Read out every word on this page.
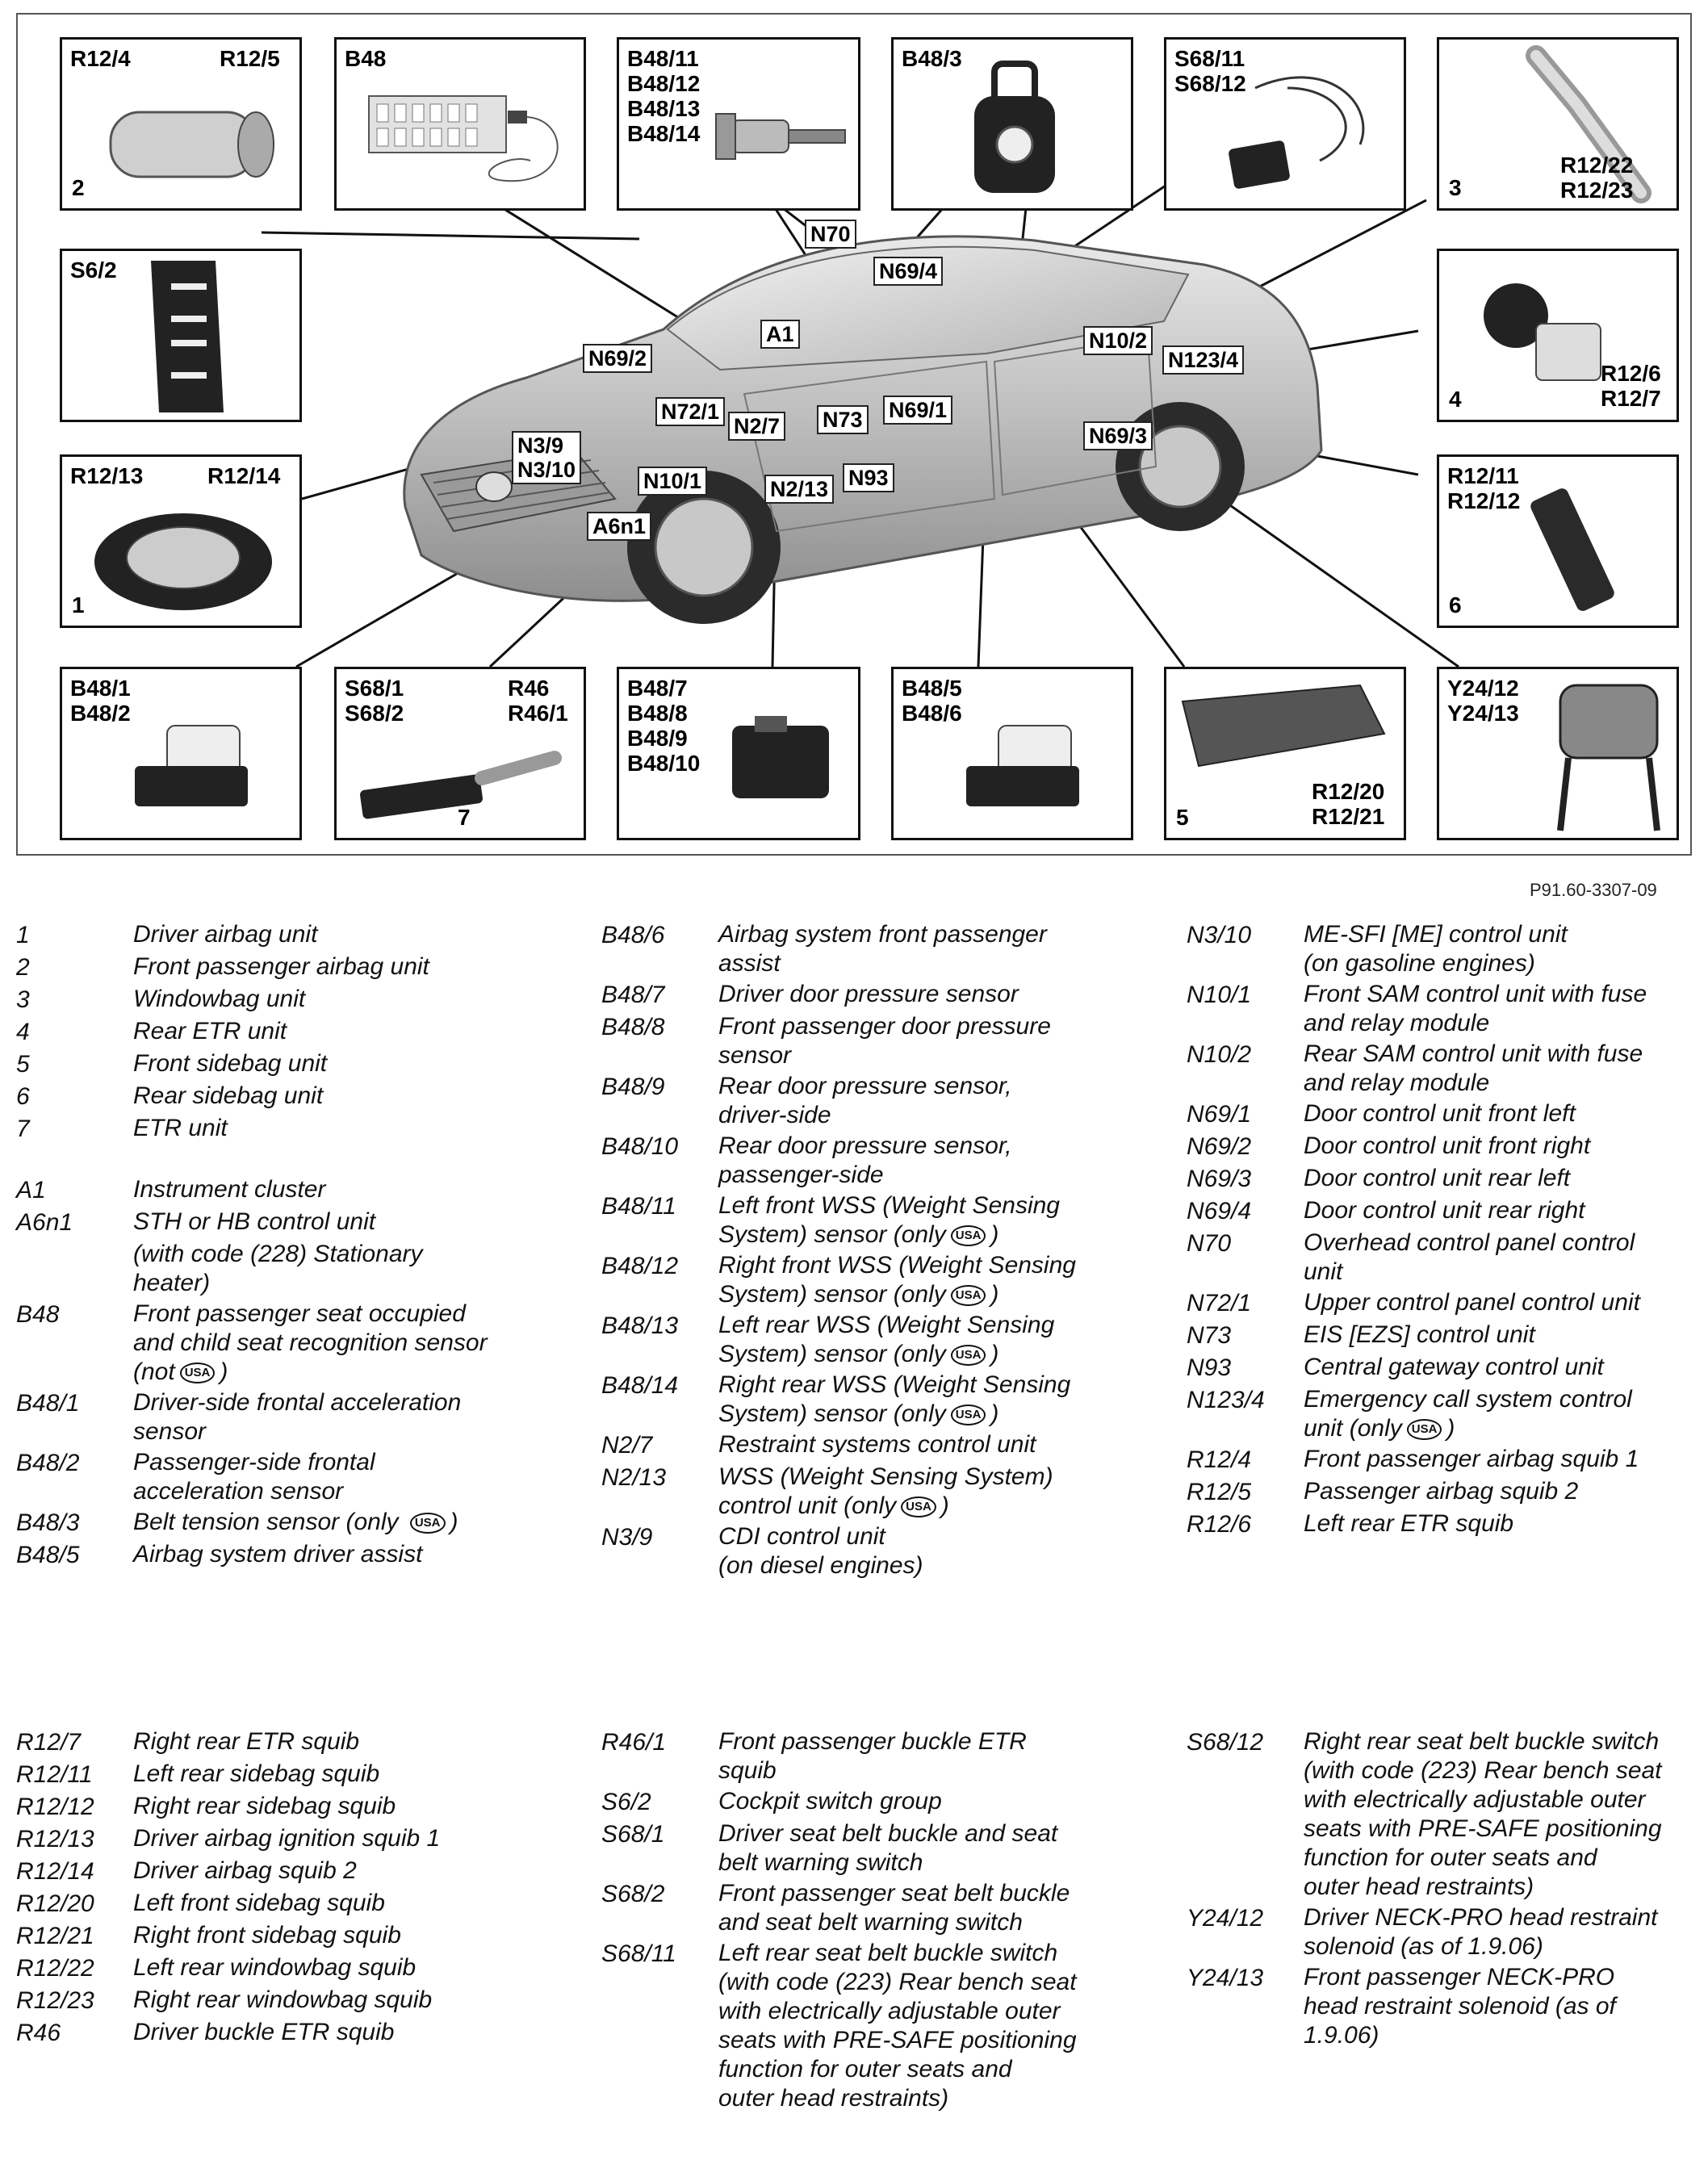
N70
N69/4
A1
N69/2
N10/2
N123/4
N72/1
N2/7 N73 N69/1
N69/3
N3/9
N3/10	N10/1	N2/13 N93
A6n1
R12/4	R12/5
2
B48	B48/11
B48/12
B48/13
B48/14
B48/3	S68/11
S68/12
R12/22
R12/23
3
S6/2
R12/13	R12/14
1
R12/6
R12/7
4
R12/11
R12/12
6
B48/1
B48/2
S68/1
S68/2
R46
R46/1
7
B48/7
B48/8
B48/9
B48/10
B48/5
B48/6
R12/20
R12/21
5
Y24/12
Y24/13
P91.60-3307-09
1	Driver airbag unit
2	Front passenger airbag unit
3	Windowbag unit
4	Rear ETR unit
5	Front sidebag unit
6	Rear sidebag unit
7	ETR unit
A1	Instrument cluster
A6n1	STH or HB control unit
(with code (228) Stationary
heater)
B48	Front passenger seat occupied
and child seat recognition sensor
(not USA )
B48/1	Driver-side frontal acceleration
sensor
B48/2	Passenger-side frontal
acceleration sensor
B48/3	Belt tension sensor (only USA )
B48/5	Airbag system driver assist
B48/6	Airbag system front passenger
assist
B48/7	Driver door pressure sensor
B48/8	Front passenger door pressure
sensor
B48/9	Rear door pressure sensor,
driver-side
B48/10	Rear door pressure sensor,
passenger-side
B48/11	Left front WSS (Weight Sensing
System) sensor (only USA )
B48/12	Right front WSS (Weight Sensing
System) sensor (only USA )
B48/13	Left rear WSS (Weight Sensing
System) sensor (only USA )
B48/14	Right rear WSS (Weight Sensing
System) sensor (only USA )
N2/7	Restraint systems control unit
N2/13	WSS (Weight Sensing System)
control unit (only USA )
N3/9	CDI control unit
(on diesel engines)
N3/10	ME-SFI [ME] control unit
(on gasoline engines)
N10/1	Front SAM control unit with fuse
and relay module
N10/2	Rear SAM control unit with fuse
and relay module
N69/1	Door control unit front left
N69/2	Door control unit front right
N69/3	Door control unit rear left
N69/4	Door control unit rear right
N70	Overhead control panel control
unit
N72/1	Upper control panel control unit
N73	EIS [EZS] control unit
N93	Central gateway control unit
N123/4	Emergency call system control
unit (only USA )
R12/4	Front passenger airbag squib 1
R12/5	Passenger airbag squib 2
R12/6	Left rear ETR squib
R12/7	Right rear ETR squib
R12/11	Left rear sidebag squib
R12/12	Right rear sidebag squib
R12/13	Driver airbag ignition squib 1
R12/14	Driver airbag squib 2
R12/20	Left front sidebag squib
R12/21	Right front sidebag squib
R12/22	Left rear windowbag squib
R12/23	Right rear windowbag squib
R46	Driver buckle ETR squib
R46/1	Front passenger buckle ETR
squib
S6/2	Cockpit switch group
S68/1	Driver seat belt buckle and seat
belt warning switch
S68/2	Front passenger seat belt buckle
and seat belt warning switch
S68/11	Left rear seat belt buckle switch
(with code (223) Rear bench seat
with electrically adjustable outer
seats with PRE-SAFE positioning
function for outer seats and
outer head restraints)
S68/12	Right rear seat belt buckle switch
(with code (223) Rear bench seat
with electrically adjustable outer
seats with PRE-SAFE positioning
function for outer seats and
outer head restraints)
Y24/12	Driver NECK-PRO head restraint
solenoid (as of 1.9.06)
Y24/13	Front passenger NECK-PRO
head restraint solenoid (as of
1.9.06)
